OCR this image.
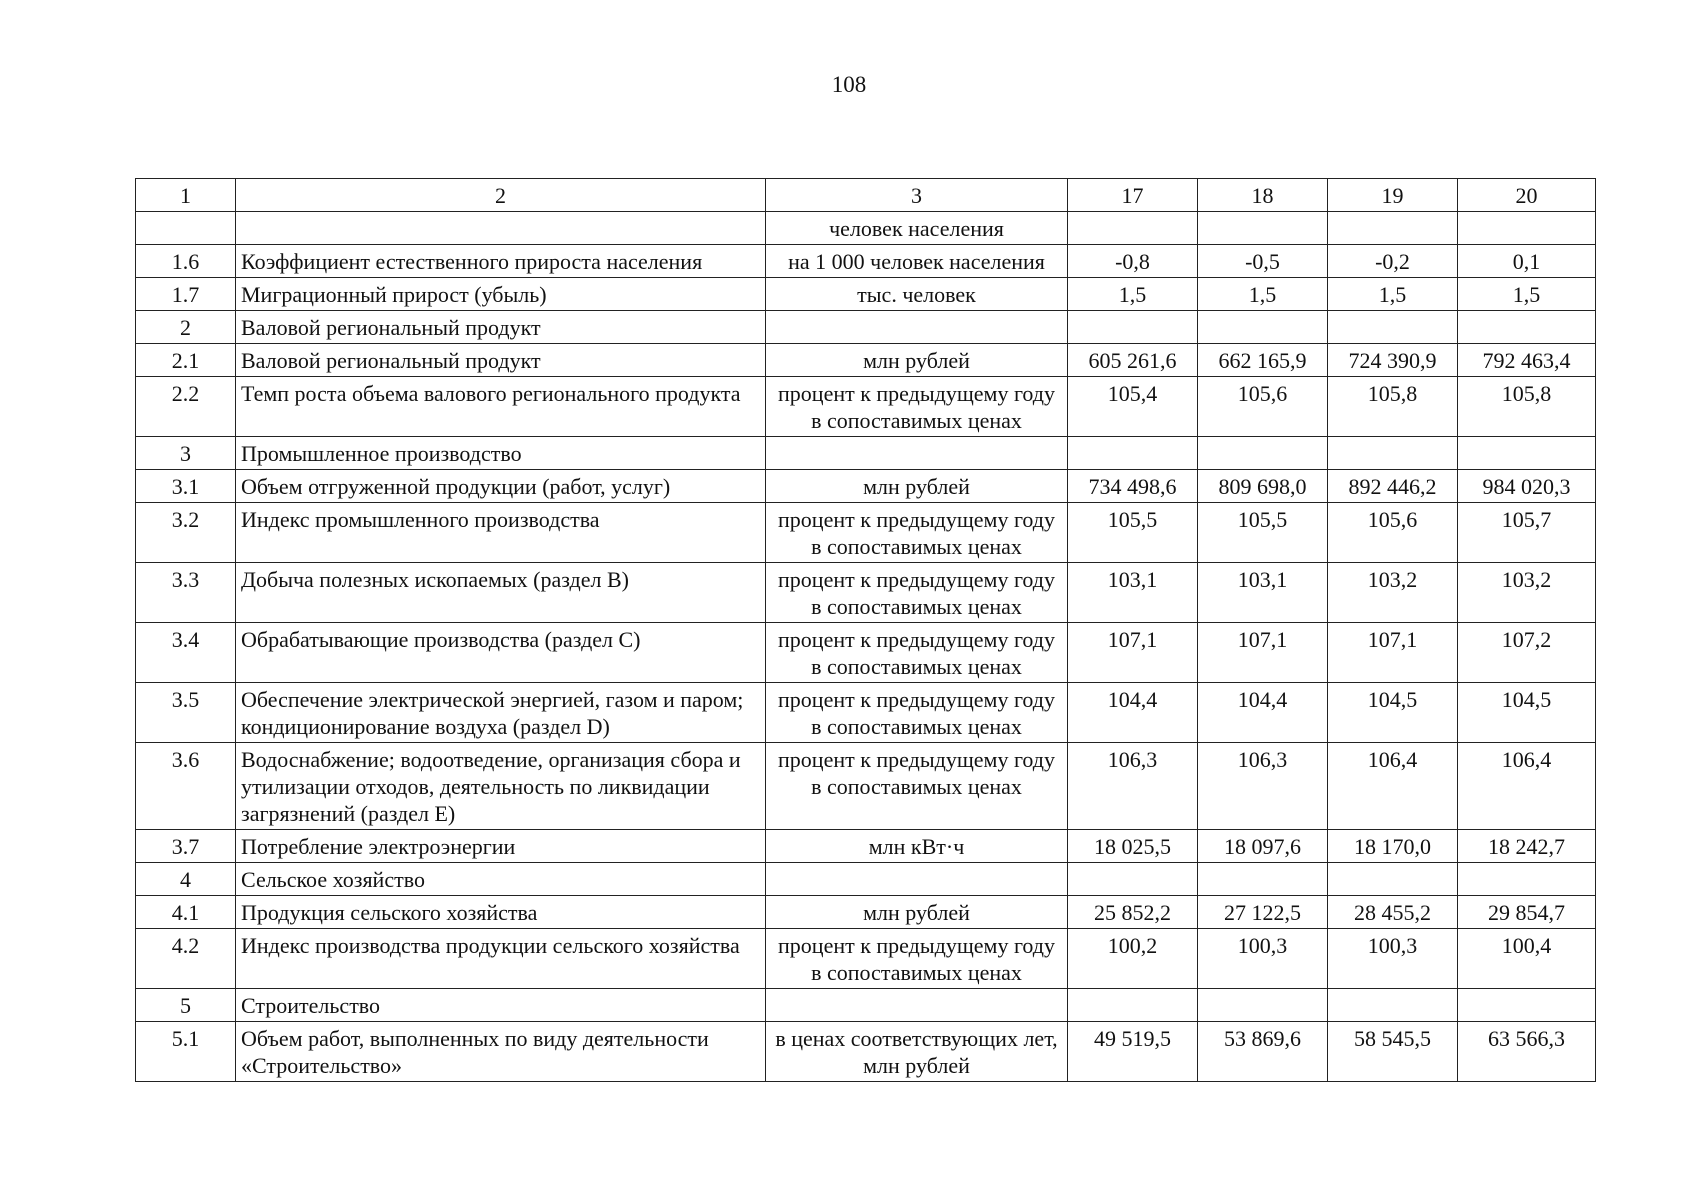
108
1	2	3	17	18	19	20
		человек населения				
1.6	Коэффициент естественного прироста населения	на 1 000 человек населения	-0,8	-0,5	-0,2	0,1
1.7	Миграционный прирост (убыль)	тыс. человек	1,5	1,5	1,5	1,5
2	Валовой региональный продукт					
2.1	Валовой региональный продукт	млн рублей	605 261,6	662 165,9	724 390,9	792 463,4
2.2	Темп роста объема валового регионального продукта	процент к предыдущему году в сопоставимых ценах	105,4	105,6	105,8	105,8
3	Промышленное производство					
3.1	Объем отгруженной продукции (работ, услуг)	млн рублей	734 498,6	809 698,0	892 446,2	984 020,3
3.2	Индекс промышленного производства	процент к предыдущему году в сопоставимых ценах	105,5	105,5	105,6	105,7
3.3	Добыча полезных ископаемых (раздел B)	процент к предыдущему году в сопоставимых ценах	103,1	103,1	103,2	103,2
3.4	Обрабатывающие производства (раздел C)	процент к предыдущему году в сопоставимых ценах	107,1	107,1	107,1	107,2
3.5	Обеспечение электрической энергией, газом и паром; кондиционирование воздуха (раздел D)	процент к предыдущему году в сопоставимых ценах	104,4	104,4	104,5	104,5
3.6	Водоснабжение; водоотведение, организация сбора и утилизации отходов, деятельность по ликвидации загрязнений (раздел E)	процент к предыдущему году в сопоставимых ценах	106,3	106,3	106,4	106,4
3.7	Потребление электроэнергии	млн кВт·ч	18 025,5	18 097,6	18 170,0	18 242,7
4	Сельское хозяйство					
4.1	Продукция сельского хозяйства	млн рублей	25 852,2	27 122,5	28 455,2	29 854,7
4.2	Индекс производства продукции сельского хозяйства	процент к предыдущему году в сопоставимых ценах	100,2	100,3	100,3	100,4
5	Строительство					
5.1	Объем работ, выполненных по виду деятельности «Строительство»	в ценах соответствующих лет, млн рублей	49 519,5	53 869,6	58 545,5	63 566,3
